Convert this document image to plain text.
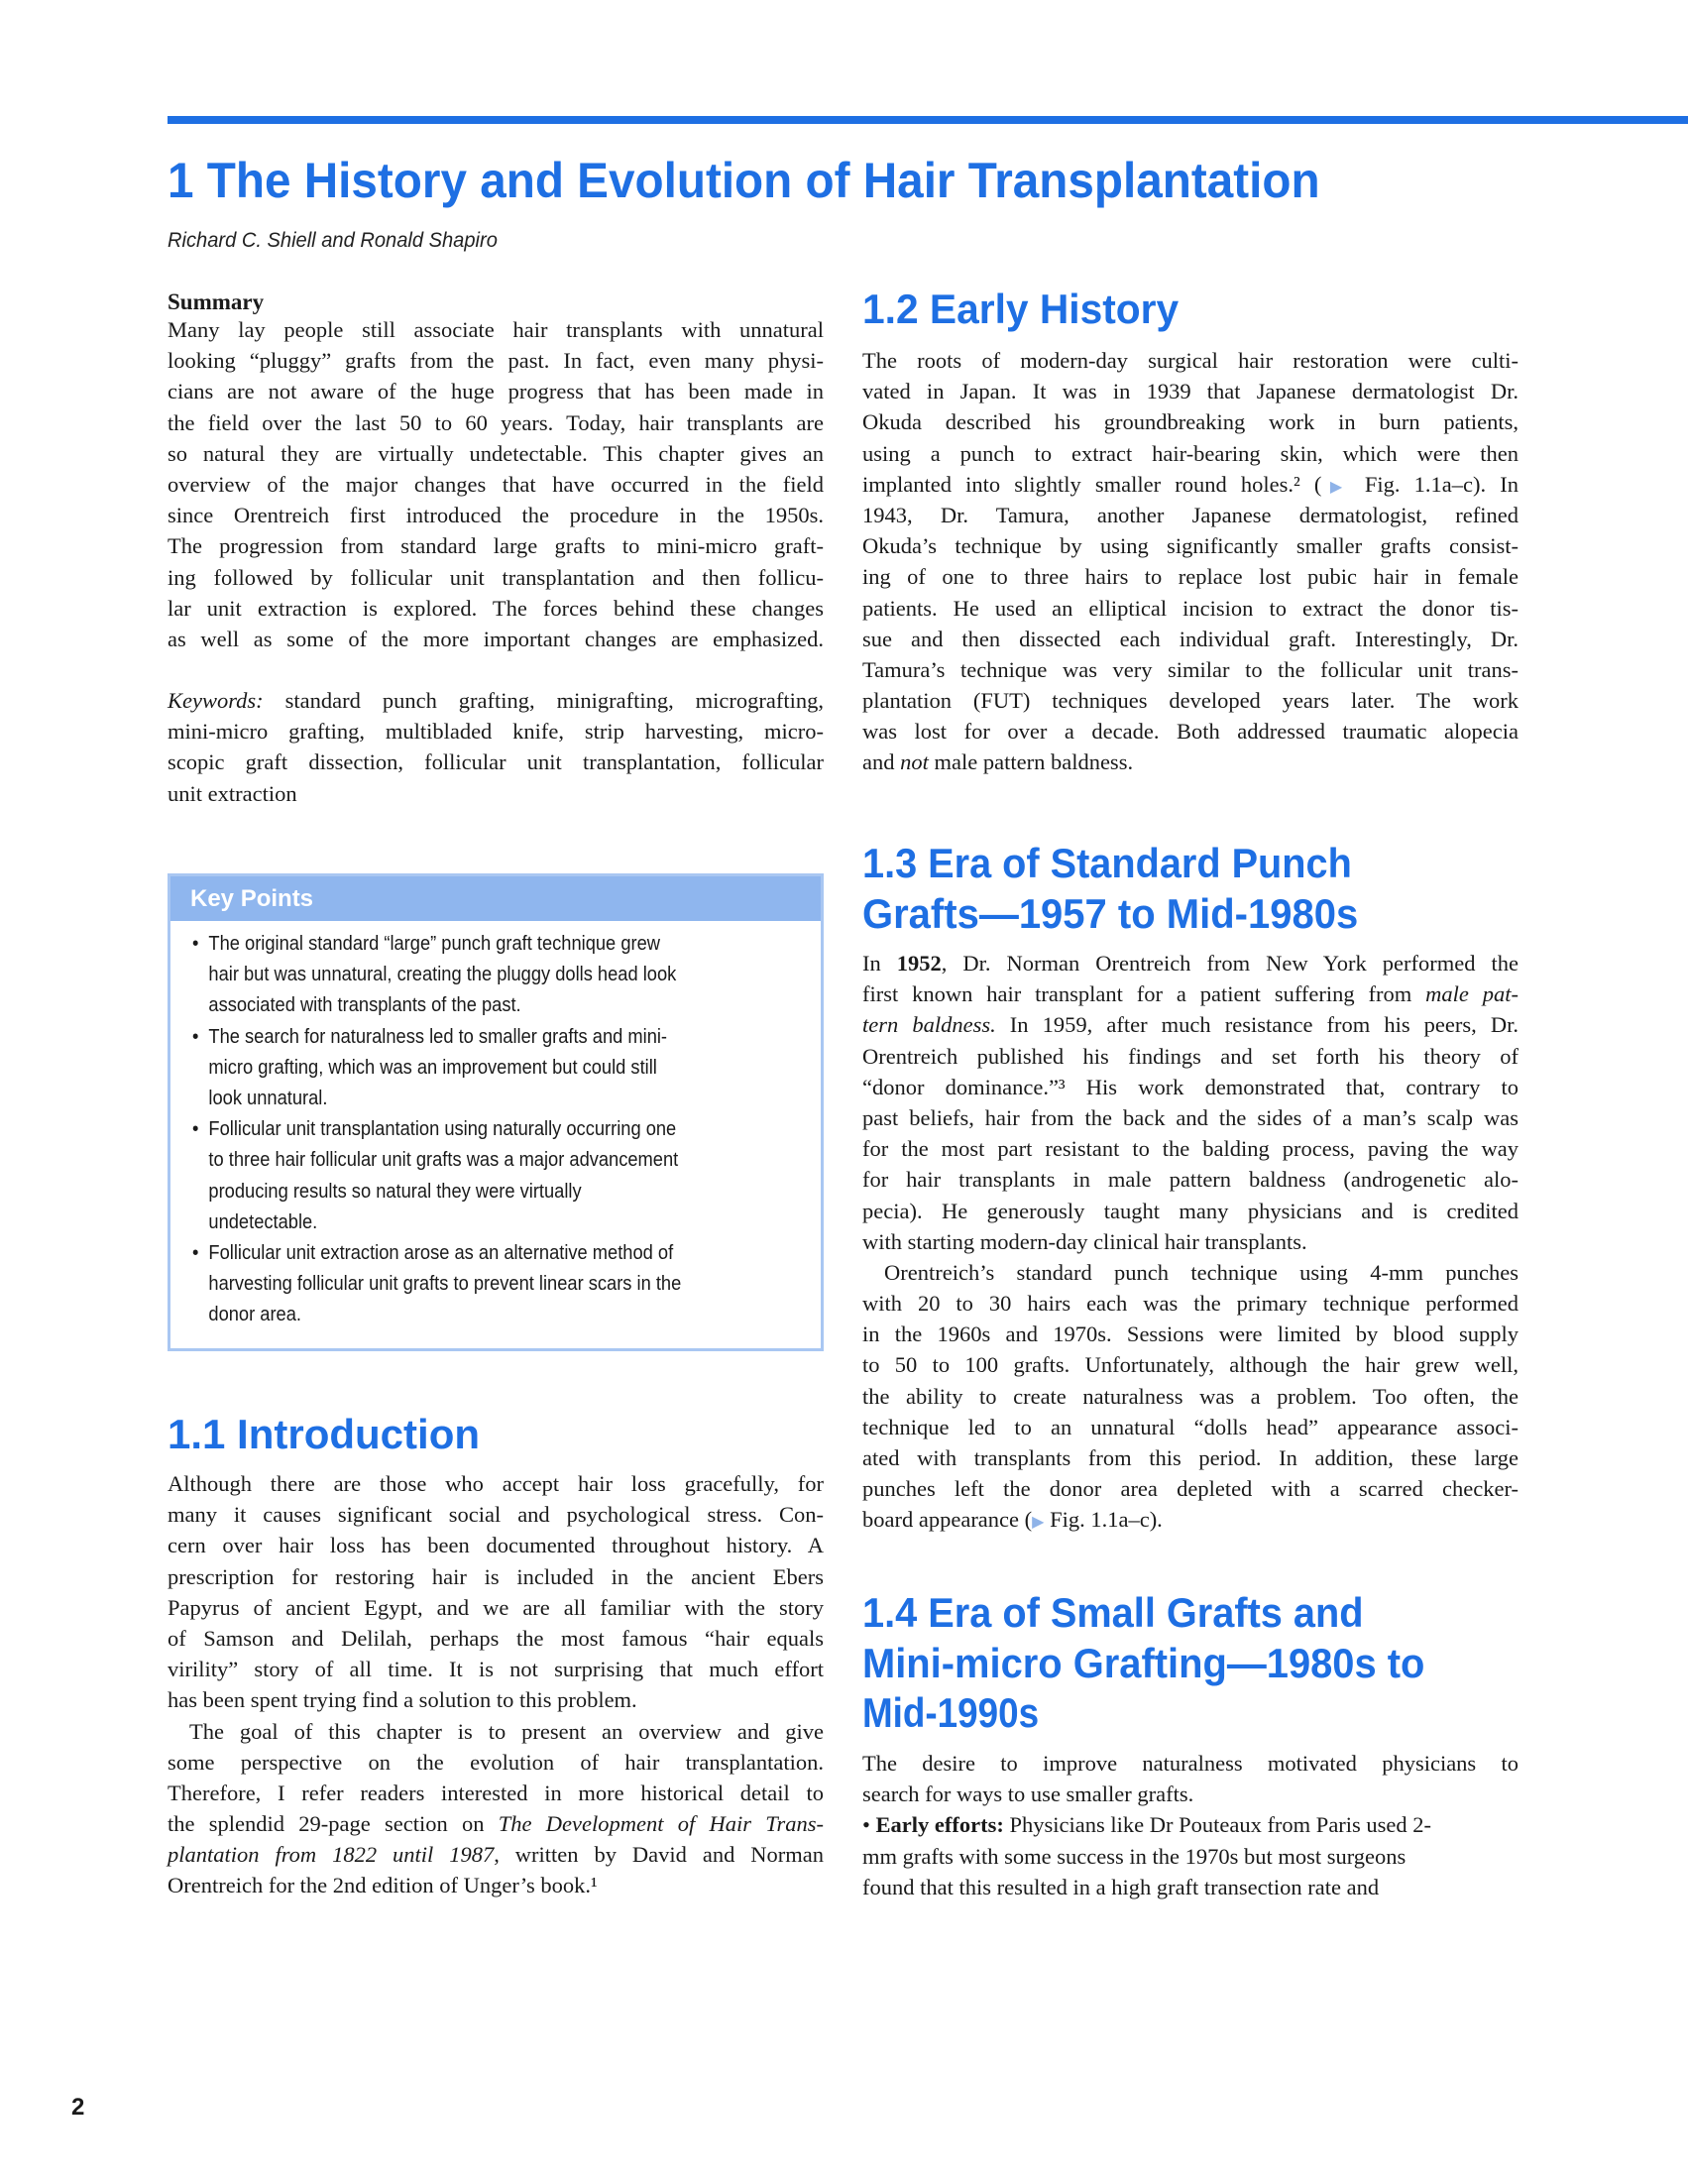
1 The History and Evolution of Hair Transplantation
Richard C. Shiell and Ronald Shapiro
Summary
Many lay people still associate hair transplants with unnatural
looking “pluggy” grafts from the past. In fact, even many physi-
cians are not aware of the huge progress that has been made in
the field over the last 50 to 60 years. Today, hair transplants are
so natural they are virtually undetectable. This chapter gives an
overview of the major changes that have occurred in the field
since Orentreich first introduced the procedure in the 1950s.
The progression from standard large grafts to mini-micro graft-
ing followed by follicular unit transplantation and then follicu-
lar unit extraction is explored. The forces behind these changes
as well as some of the more important changes are emphasized.
Keywords: standard punch grafting, minigrafting, micrografting,
mini-micro grafting, multibladed knife, strip harvesting, micro-
scopic graft dissection, follicular unit transplantation, follicular
unit extraction
Key Points
• The original standard “large” punch graft technique grew
hair but was unnatural, creating the pluggy dolls head look
associated with transplants of the past.
• The search for naturalness led to smaller grafts and mini-
micro grafting, which was an improvement but could still
look unnatural.
• Follicular unit transplantation using naturally occurring one
to three hair follicular unit grafts was a major advancement
producing results so natural they were virtually
undetectable.
• Follicular unit extraction arose as an alternative method of
harvesting follicular unit grafts to prevent linear scars in the
donor area.
1.1 Introduction
Although there are those who accept hair loss gracefully, for
many it causes significant social and psychological stress. Con-
cern over hair loss has been documented throughout history. A
prescription for restoring hair is included in the ancient Ebers
Papyrus of ancient Egypt, and we are all familiar with the story
of Samson and Delilah, perhaps the most famous “hair equals
virility” story of all time. It is not surprising that much effort
has been spent trying find a solution to this problem.
The goal of this chapter is to present an overview and give
some perspective on the evolution of hair transplantation.
Therefore, I refer readers interested in more historical detail to
the splendid 29-page section on The Development of Hair Trans-
plantation from 1822 until 1987, written by David and Norman
Orentreich for the 2nd edition of Unger’s book.¹
1.2 Early History
The roots of modern-day surgical hair restoration were culti-
vated in Japan. It was in 1939 that Japanese dermatologist Dr.
Okuda described his groundbreaking work in burn patients,
using a punch to extract hair-bearing skin, which were then
implanted into slightly smaller round holes.² (▶ Fig. 1.1a–c). In
1943, Dr. Tamura, another Japanese dermatologist, refined
Okuda’s technique by using significantly smaller grafts consist-
ing of one to three hairs to replace lost pubic hair in female
patients. He used an elliptical incision to extract the donor tis-
sue and then dissected each individual graft. Interestingly, Dr.
Tamura’s technique was very similar to the follicular unit trans-
plantation (FUT) techniques developed years later. The work
was lost for over a decade. Both addressed traumatic alopecia
and not male pattern baldness.
1.3 Era of Standard Punch
Grafts—1957 to Mid-1980s
In 1952, Dr. Norman Orentreich from New York performed the
first known hair transplant for a patient suffering from male pat-
tern baldness. In 1959, after much resistance from his peers, Dr.
Orentreich published his findings and set forth his theory of
“donor dominance.”³ His work demonstrated that, contrary to
past beliefs, hair from the back and the sides of a man’s scalp was
for the most part resistant to the balding process, paving the way
for hair transplants in male pattern baldness (androgenetic alo-
pecia). He generously taught many physicians and is credited
with starting modern-day clinical hair transplants.
Orentreich’s standard punch technique using 4-mm punches
with 20 to 30 hairs each was the primary technique performed
in the 1960s and 1970s. Sessions were limited by blood supply
to 50 to 100 grafts. Unfortunately, although the hair grew well,
the ability to create naturalness was a problem. Too often, the
technique led to an unnatural “dolls head” appearance associ-
ated with transplants from this period. In addition, these large
punches left the donor area depleted with a scarred checker-
board appearance (▶ Fig. 1.1a–c).
1.4 Era of Small Grafts and
Mini-micro Grafting—1980s to
Mid-1990s
The desire to improve naturalness motivated physicians to
search for ways to use smaller grafts.
• Early efforts: Physicians like Dr Pouteaux from Paris used 2-
mm grafts with some success in the 1970s but most surgeons
found that this resulted in a high graft transection rate and
2
